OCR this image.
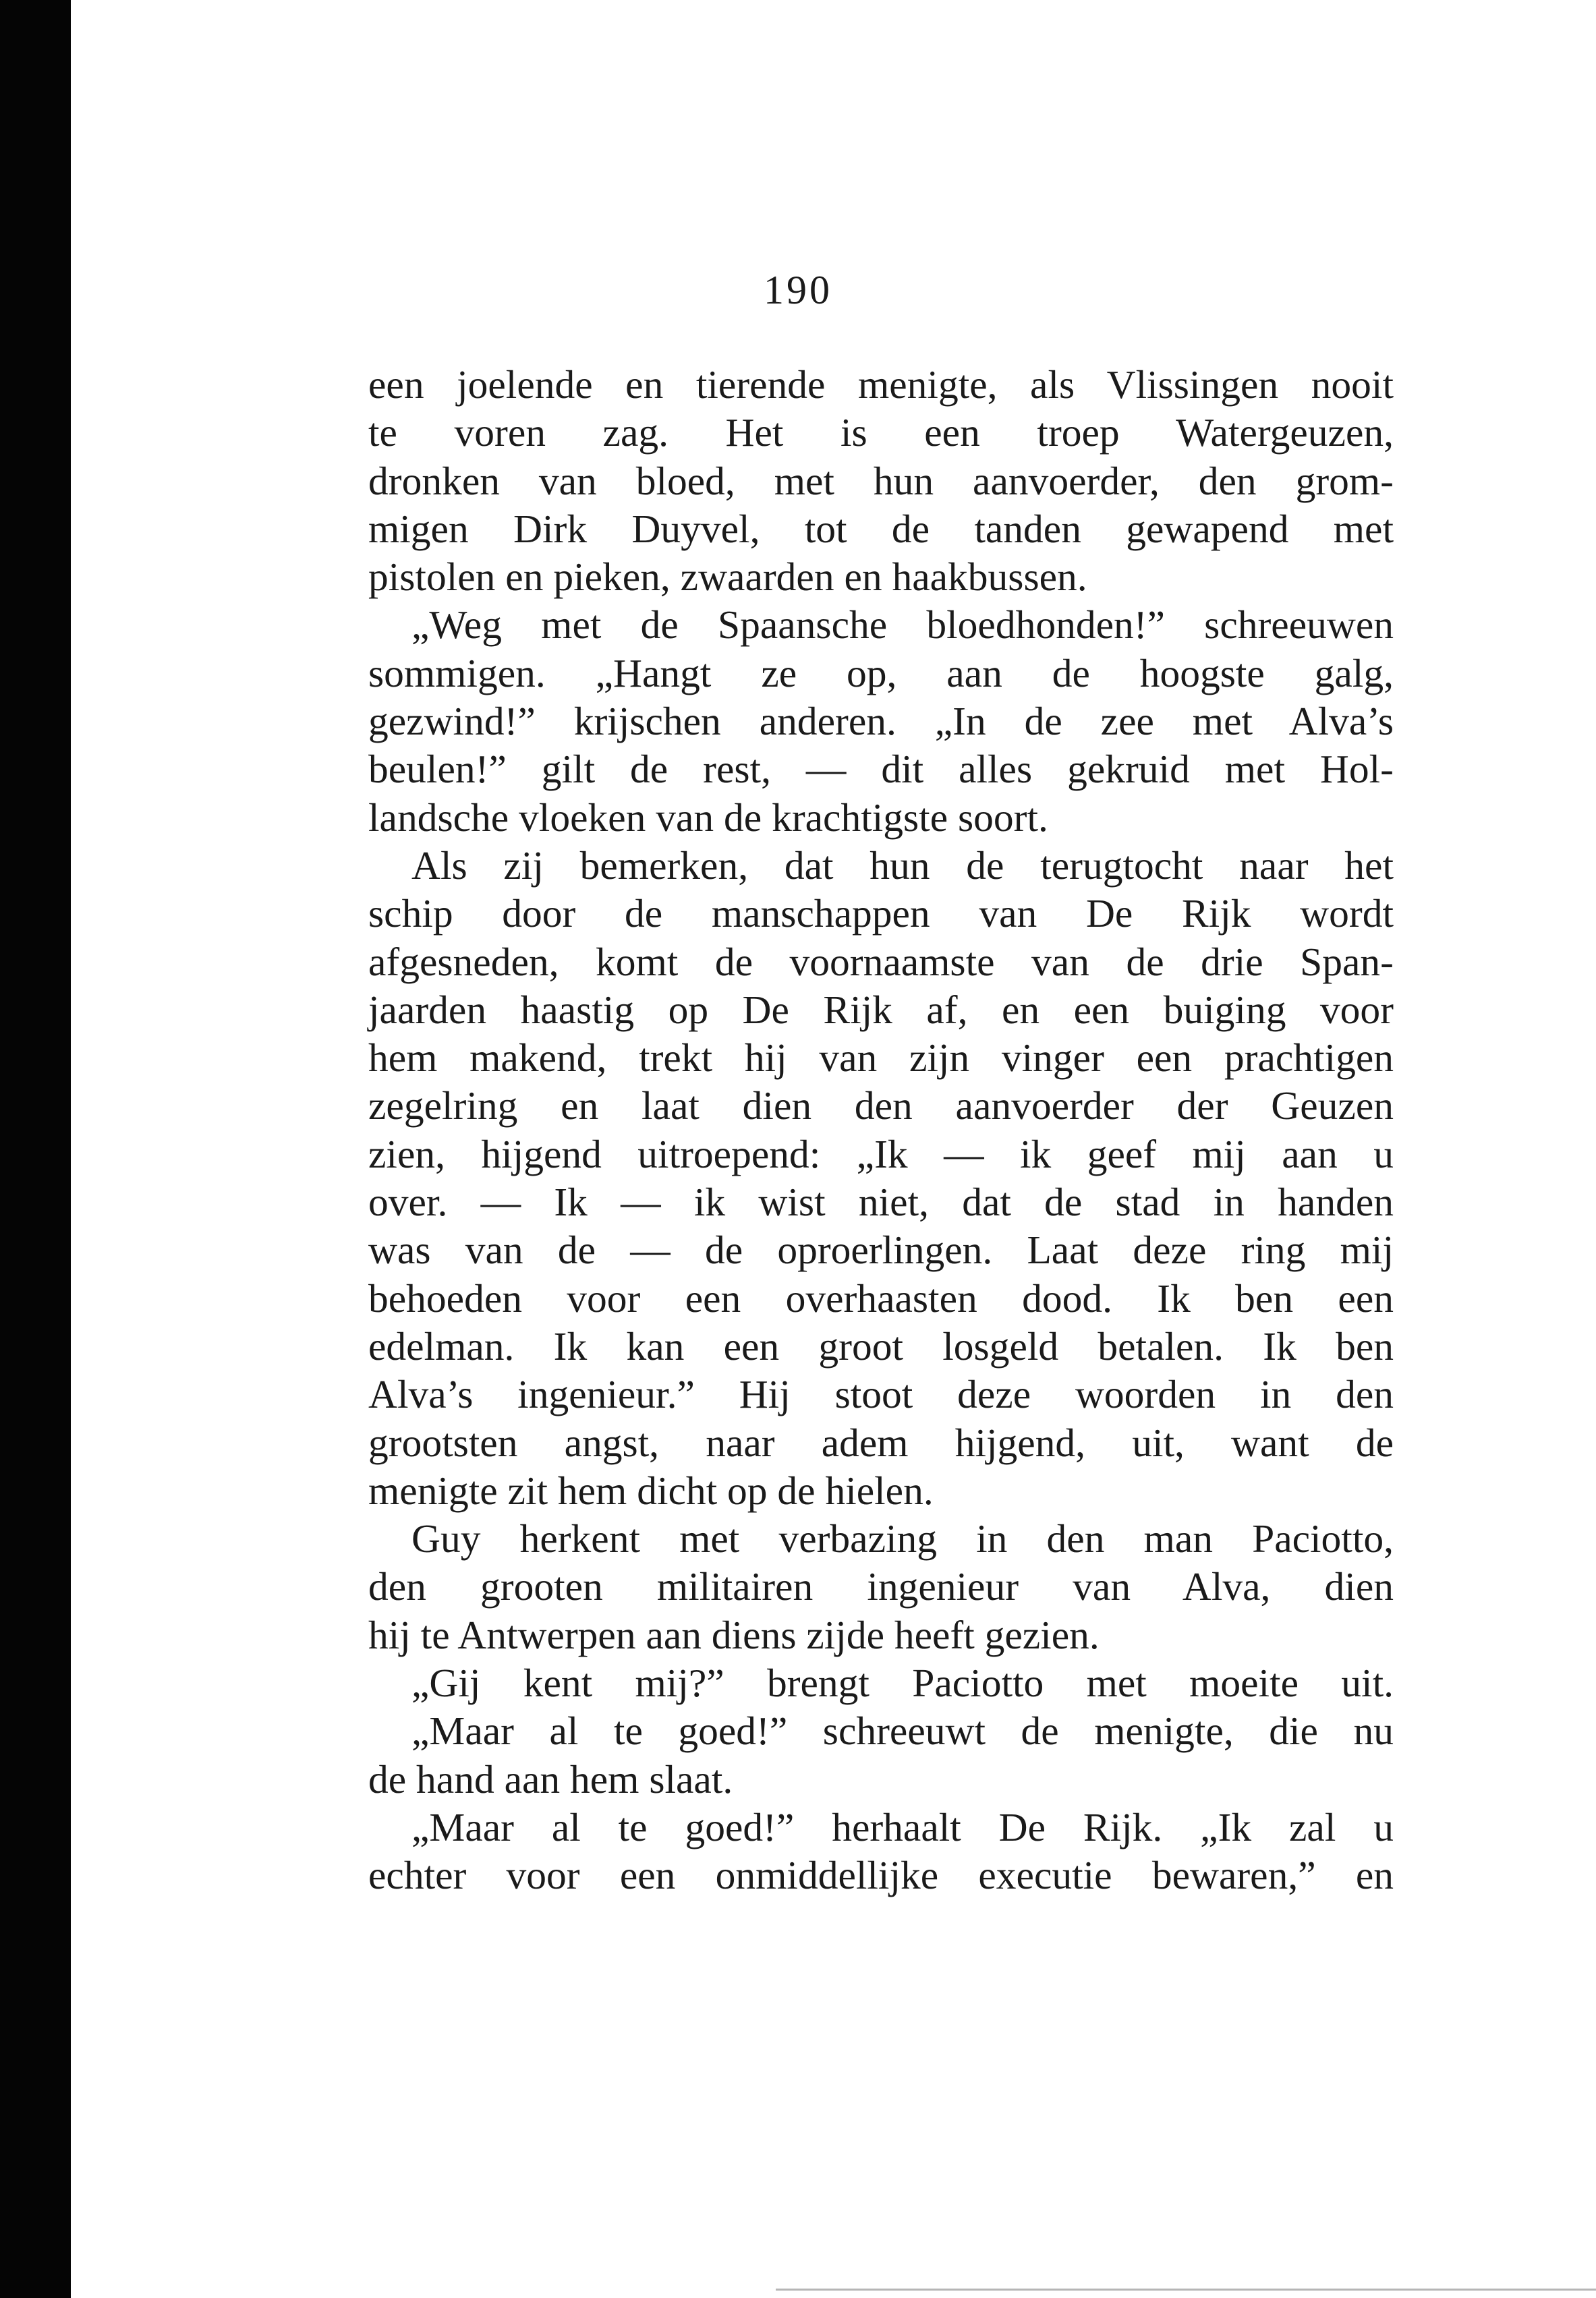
190
een joelende en tierende menigte, als Vlissingen nooit
te voren zag. Het is een troep Watergeuzen,
dronken van bloed, met hun aanvoerder, den grom-
migen Dirk Duyvel, tot de tanden gewapend met
pistolen en pieken, zwaarden en haakbussen.
„Weg met de Spaansche bloedhonden!” schreeuwen
sommigen. „Hangt ze op, aan de hoogste galg,
gezwind!” krijschen anderen. „In de zee met Alva’s
beulen!” gilt de rest, — dit alles gekruid met Hol-
landsche vloeken van de krachtigste soort.
Als zij bemerken, dat hun de terugtocht naar het
schip door de manschappen van De Rijk wordt
afgesneden, komt de voornaamste van de drie Span-
jaarden haastig op De Rijk af, en een buiging voor
hem makend, trekt hij van zijn vinger een prachtigen
zegelring en laat dien den aanvoerder der Geuzen
zien, hijgend uitroepend: „Ik — ik geef mij aan u
over. — Ik — ik wist niet, dat de stad in handen
was van de — de oproerlingen. Laat deze ring mij
behoeden voor een overhaasten dood. Ik ben een
edelman. Ik kan een groot losgeld betalen. Ik ben
Alva’s ingenieur.” Hij stoot deze woorden in den
grootsten angst, naar adem hijgend, uit, want de
menigte zit hem dicht op de hielen.
Guy herkent met verbazing in den man Paciotto,
den grooten militairen ingenieur van Alva, dien
hij te Antwerpen aan diens zijde heeft gezien.
„Gij kent mij?” brengt Paciotto met moeite uit.
„Maar al te goed!” schreeuwt de menigte, die nu
de hand aan hem slaat.
„Maar al te goed!” herhaalt De Rijk. „Ik zal u
echter voor een onmiddellijke executie bewaren,” en
